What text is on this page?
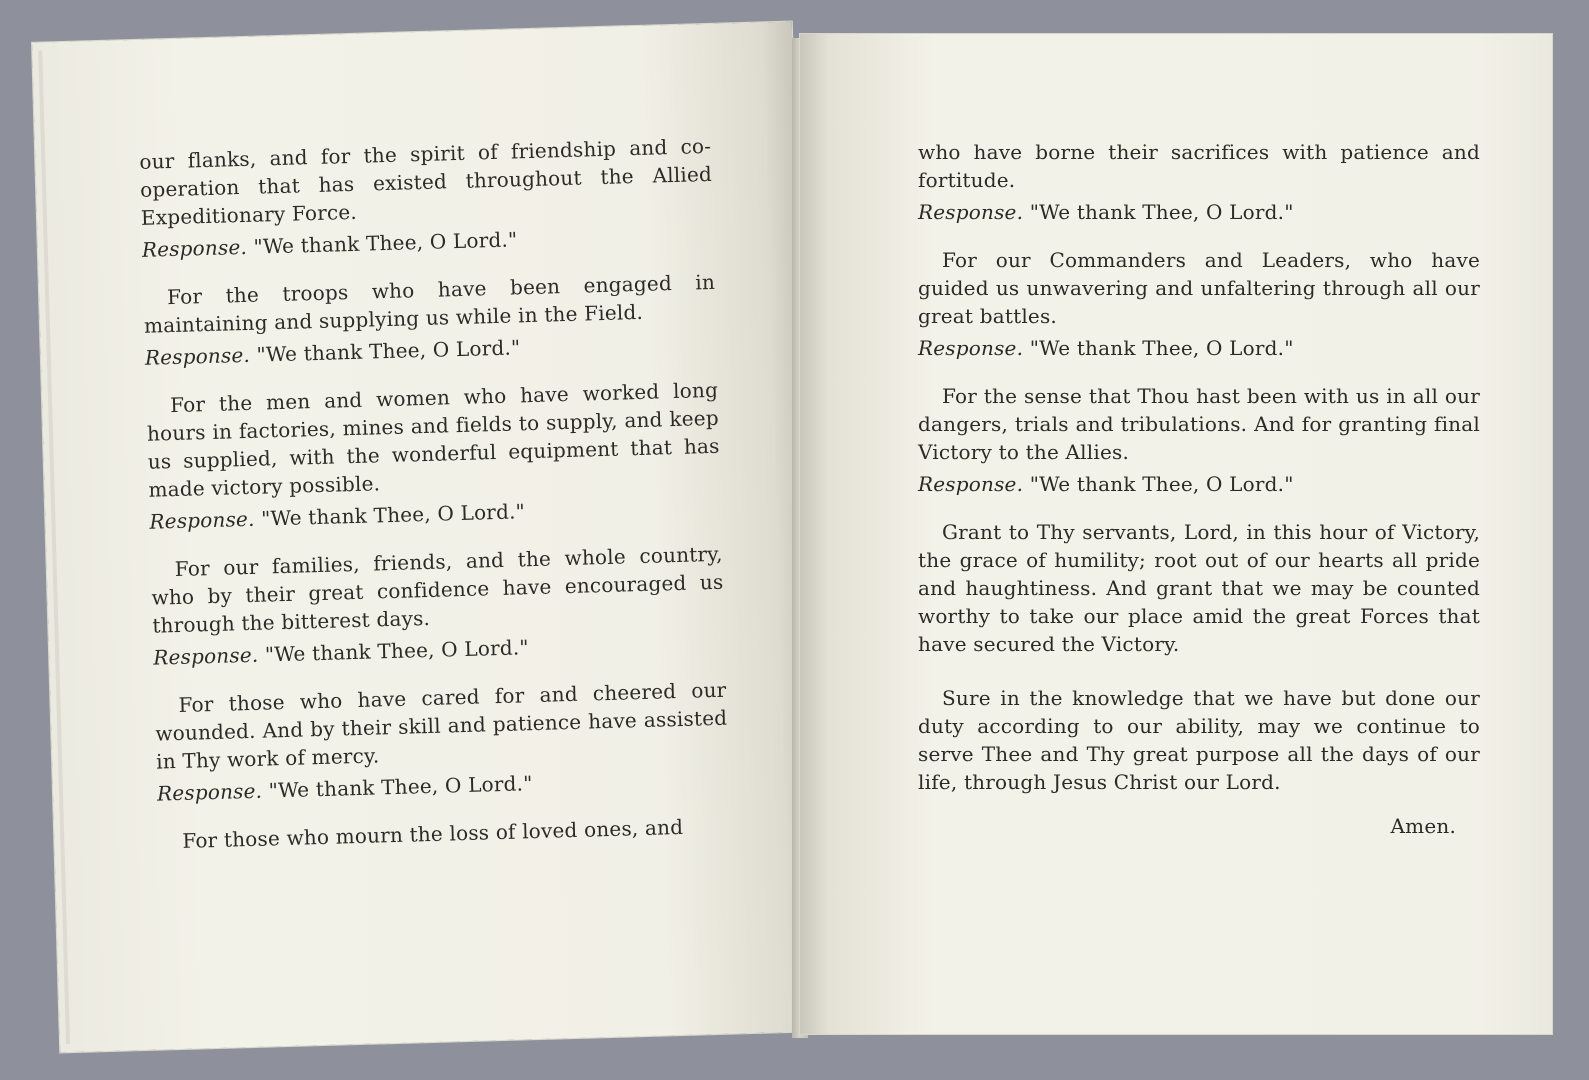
our flanks, and for the spirit of friendship and co-operation that has existed throughout the Allied Expeditionary Force.

Response. "We thank Thee, O Lord."

For the troops who have been engaged in maintaining and supplying us while in the Field.

Response. "We thank Thee, O Lord."

For the men and women who have worked long hours in factories, mines and fields to supply, and keep us supplied, with the wonderful equipment that has made victory possible.

Response. "We thank Thee, O Lord."

For our families, friends, and the whole country, who by their great confidence have encouraged us through the bitterest days.

Response. "We thank Thee, O Lord."

For those who have cared for and cheered our wounded. And by their skill and patience have assisted in Thy work of mercy.

Response. "We thank Thee, O Lord."

For those who mourn the loss of loved ones, and

who have borne their sacrifices with patience and fortitude.

Response. "We thank Thee, O Lord."

For our Commanders and Leaders, who have guided us unwavering and unfaltering through all our great battles.

Response. "We thank Thee, O Lord."

For the sense that Thou hast been with us in all our dangers, trials and tribulations. And for granting final Victory to the Allies.

Response. "We thank Thee, O Lord."

Grant to Thy servants, Lord, in this hour of Victory, the grace of humility; root out of our hearts all pride and haughtiness. And grant that we may be counted worthy to take our place amid the great Forces that have secured the Victory.

Sure in the knowledge that we have but done our duty according to our ability, may we continue to serve Thee and Thy great purpose all the days of our life, through Jesus Christ our Lord.

Amen.
